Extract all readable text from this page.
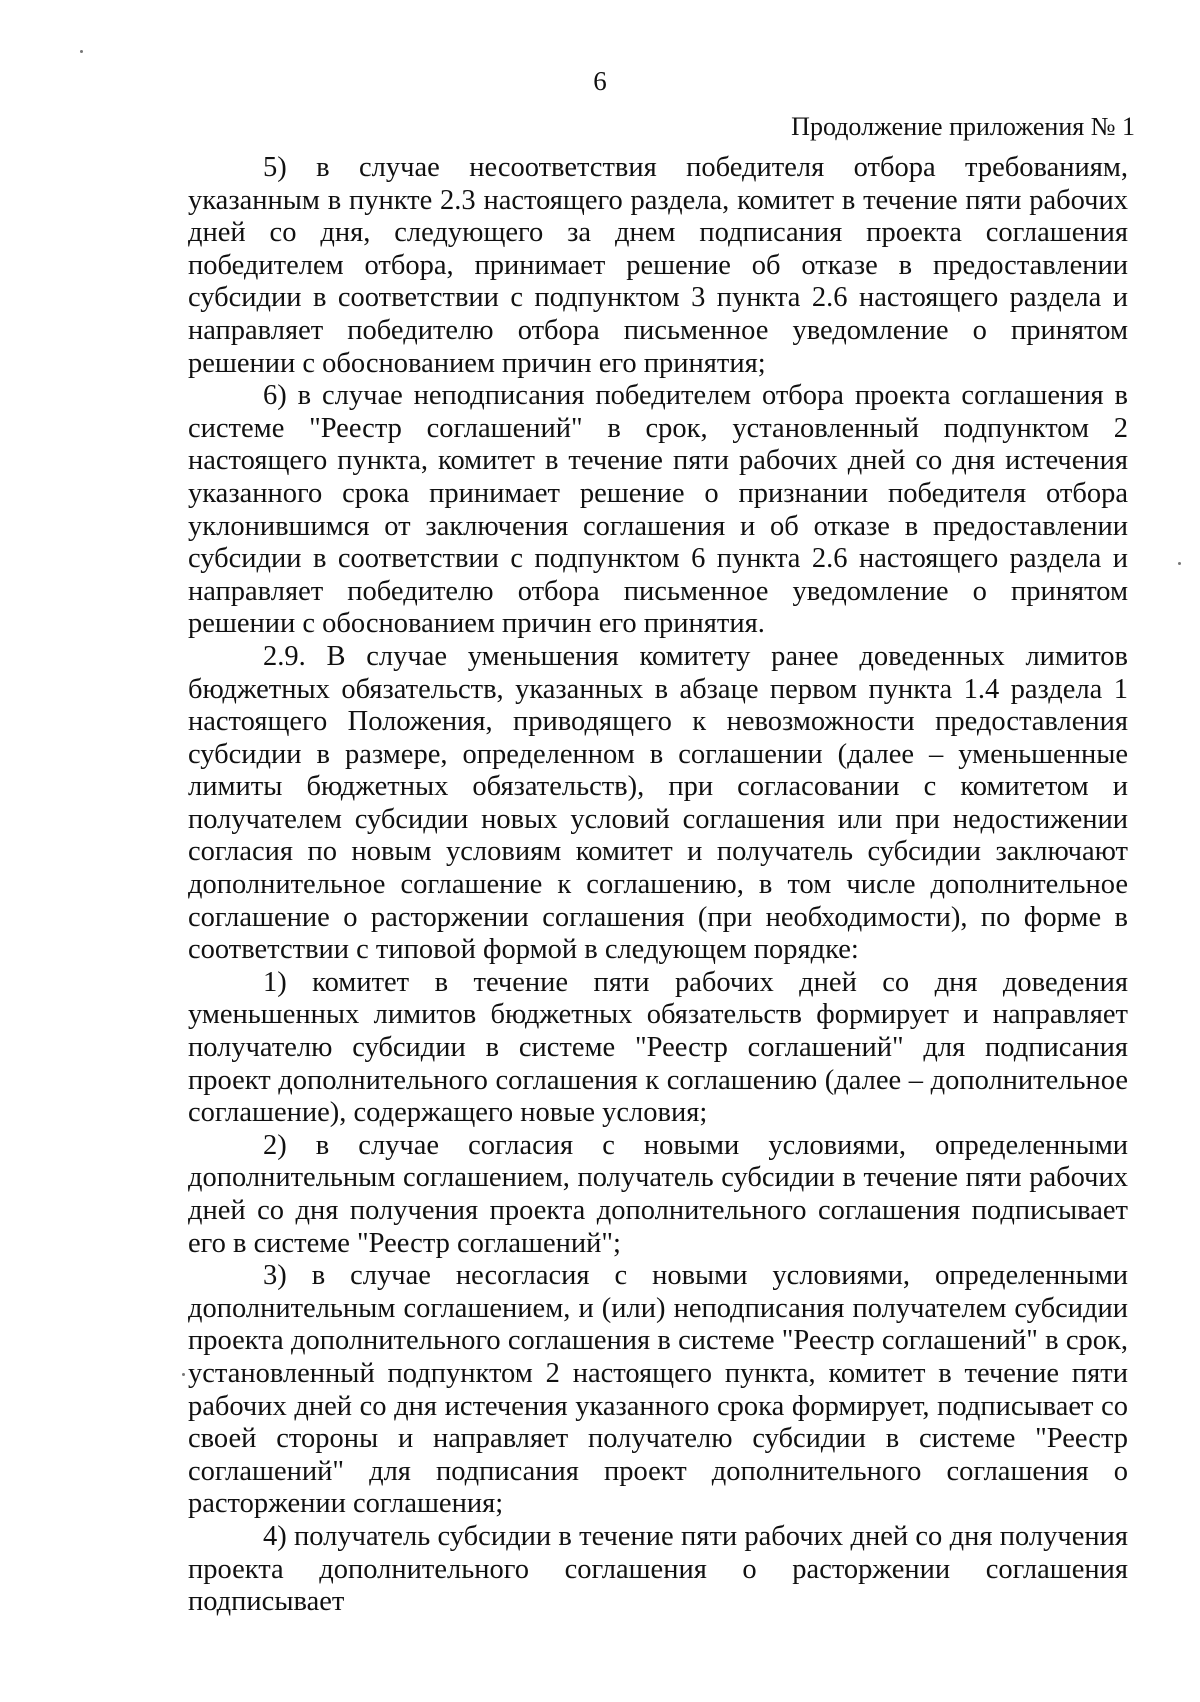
6
Продолжение приложения № 1

5) в случае несоответствия победителя отбора требованиям, указанным в пункте 2.3 настоящего раздела, комитет в течение пяти рабочих дней со дня, следующего за днем подписания проекта соглашения победителем отбора, принимает решение об отказе в предоставлении субсидии в соответствии с подпунктом 3 пункта 2.6 настоящего раздела и направляет победителю отбора письменное уведомление о принятом решении с обоснованием причин его принятия;

6) в случае неподписания победителем отбора проекта соглашения в системе "Реестр соглашений" в срок, установленный подпунктом 2 настоящего пункта, комитет в течение пяти рабочих дней со дня истечения указанного срока принимает решение о признании победителя отбора уклонившимся от заключения соглашения и об отказе в предоставлении субсидии в соответствии с подпунктом 6 пункта 2.6 настоящего раздела и направляет победителю отбора письменное уведомление о принятом решении с обоснованием причин его принятия.

2.9. В случае уменьшения комитету ранее доведенных лимитов бюджетных обязательств, указанных в абзаце первом пункта 1.4 раздела 1 настоящего Положения, приводящего к невозможности предоставления субсидии в размере, определенном в соглашении (далее – уменьшенные лимиты бюджетных обязательств), при согласовании с комитетом и получателем субсидии новых условий соглашения или при недостижении согласия по новым условиям комитет и получатель субсидии заключают дополнительное соглашение к соглашению, в том числе дополнительное соглашение о расторжении соглашения (при необходимости), по форме в соответствии с типовой формой в следующем порядке:

1) комитет в течение пяти рабочих дней со дня доведения уменьшенных лимитов бюджетных обязательств формирует и направляет получателю субсидии в системе "Реестр соглашений" для подписания проект дополнительного соглашения к соглашению (далее – дополнительное соглашение), содержащего новые условия;

2) в случае согласия с новыми условиями, определенными дополнительным соглашением, получатель субсидии в течение пяти рабочих дней со дня получения проекта дополнительного соглашения подписывает его в системе "Реестр соглашений";

3) в случае несогласия с новыми условиями, определенными дополнительным соглашением, и (или) неподписания получателем субсидии проекта дополнительного соглашения в системе "Реестр соглашений" в срок, установленный подпунктом 2 настоящего пункта, комитет в течение пяти рабочих дней со дня истечения указанного срока формирует, подписывает со своей стороны и направляет получателю субсидии в системе "Реестр соглашений" для подписания проект дополнительного соглашения о расторжении соглашения;

4) получатель субсидии в течение пяти рабочих дней со дня получения проекта дополнительного соглашения о расторжении соглашения подписывает
